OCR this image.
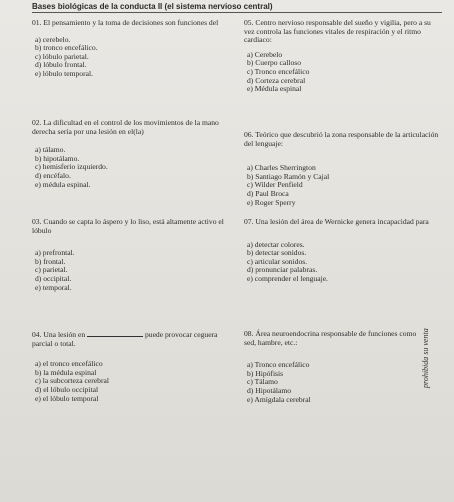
Bases biológicas de la conducta II (el sistema nervioso central)
01. El pensamiento y la toma de decisiones son funciones del
a) cerebelo.
b) tronco encefálico.
c) lóbulo parietal.
d) lóbulo frontal.
e) lóbulo temporal.
02. La dificultad en el control de los movimientos de la mano derecha sería por una lesión en el(la)
a) tálamo.
b) hipotálamo.
c) hemisferio izquierdo.
d) encéfalo.
e) médula espinal.
03. Cuando se capta lo áspero y lo liso, está altamente activo el lóbulo
a) prefrontal.
b) frontal.
c) parietal.
d) occipital.
e) temporal.
04. Una lesión en	puede provocar ceguera parcial o total.
a) el tronco encefálico
b) la médula espinal
c) la subcorteza cerebral
d) el lóbulo occipital
e) el lóbulo temporal
05. Centro nervioso responsable del sueño y vigilia, pero a su vez controla las funciones vitales de respiración y el ritmo cardiaco:
a) Cerebelo
b) Cuerpo calloso
c) Tronco encefálico
d) Corteza cerebral
e) Médula espinal
06. Teórico que descubrió la zona responsable de la articulación del lenguaje:
a) Charles Sherrington
b) Santiago Ramón y Cajal
c) Wilder Penfield
d) Paul Broca
e) Roger Sperry
07. Una lesión del área de Wernicke genera incapacidad para
a) detectar colores.
b) detectar sonidos.
c) articular sonidos.
d) pronunciar palabras.
e) comprender el lenguaje.
08. Área neuroendocrina responsable de funciones como sed, hambre, etc.:
a) Tronco encefálico
b) Hipófisis
c) Tálamo
d) Hipotálamo
e) Amígdala cerebral
prohibida su venta
